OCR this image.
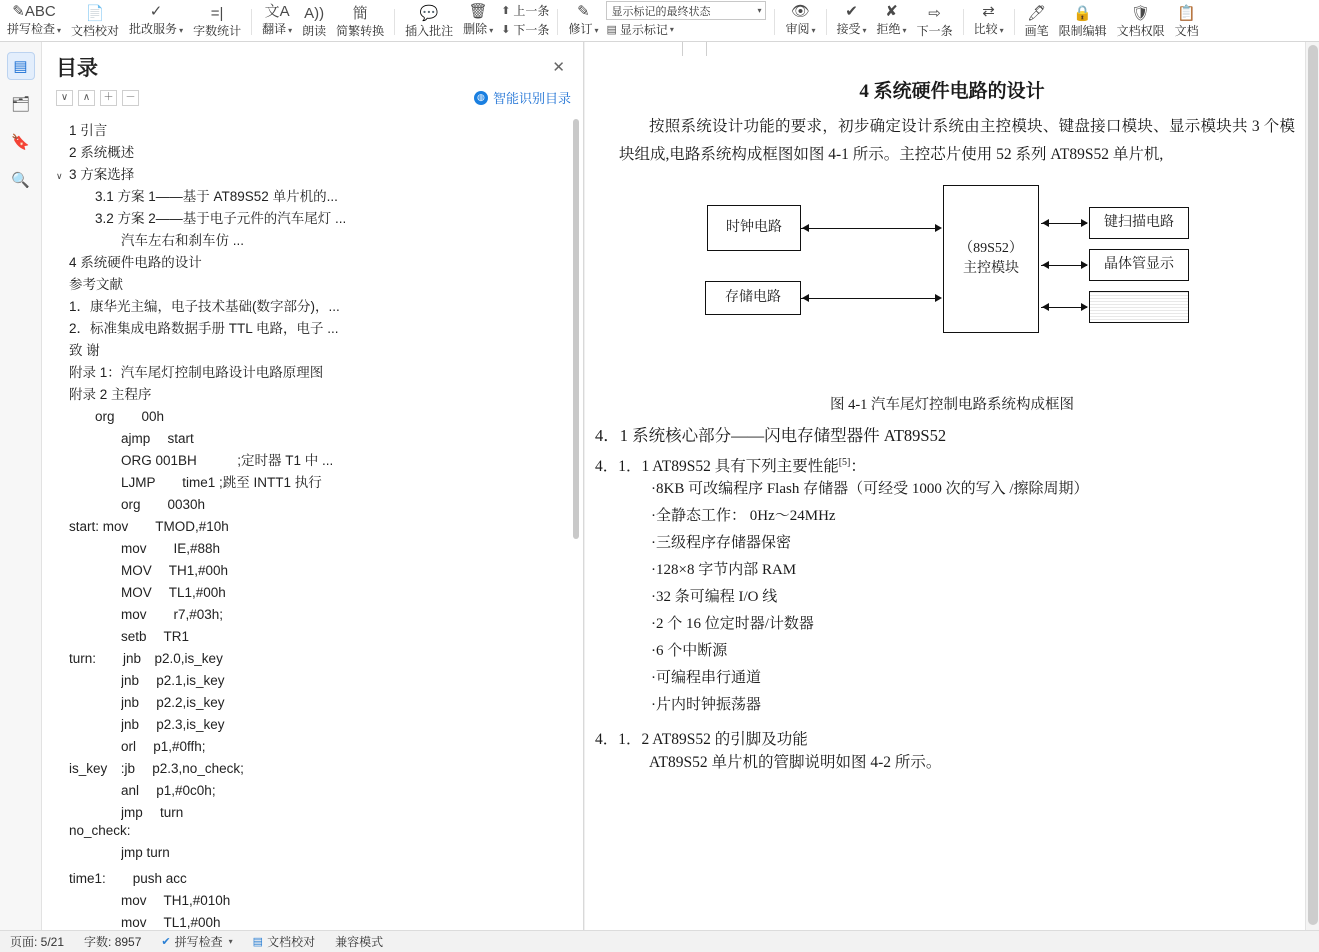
✎ABC
拼写检查 ▾
📄
文档校对
✓
批改服务 ▾
=|
字数统计
文A
翻译 ▾
A))
朗读
簡
简繁转换
💬
插入批注
🗑
删除 ▾
⬆ 上一条
⬇ 下一条
✎
修订 ▾
显示标记的最终状态	▾
▤ 显示标记 ▾
👁
审阅 ▾
✔
接受 ▾
✘
拒绝 ▾
⇨
下一条
⇄
比较 ▾
🖊
画笔
🔒
限制编辑
🛡
文档权限
📋
文档
▤
🗂
🔖
🔍
目录	✕
∨	∧	＋	－	◍ 智能识别目录
1 引言
2 系统概述
∨ 3 方案选择
3.1 方案 1——基于 AT89S52 单片机的...
3.2 方案 2——基于电子元件的汽车尾灯 ...
汽车左右和刹车仿 ...
4 系统硬件电路的设计
参考文献
1．康华光主编，电子技术基础(数字部分)，...
2．标准集成电路数据手册 TTL 电路，电子 ...
致 谢
附录 1：汽车尾灯控制电路设计电路原理图
附录 2 主程序
org　　00h
ajmp　 start
ORG 001BH　　　;定时器 T1 中 ...
LJMP　　time1 ;跳至 INTT1 执行
org　　0030h
start: mov　　TMOD,#10h
mov　　IE,#88h
MOV　 TH1,#00h
MOV　 TL1,#00h
mov　　r7,#03h;
setb　 TR1
turn:　　jnb　p2.0,is_key
jnb　 p2.1,is_key
jnb　 p2.2,is_key
jnb　 p2.3,is_key
orl　 p1,#0ffh;
is_key　:jb　 p2.3,no_check;
anl　 p1,#0c0h;
jmp　 turn
no_check:
jmp turn
time1:　　push acc
mov　 TH1,#010h
mov　 TL1,#00h
4 系统硬件电路的设计
按照系统设计功能的要求，初步确定设计系统由主控模块、键盘接口模块、显示模块共 3 个模块组成,电路系统构成框图如图 4-1 所示。主控芯片使用 52 系列 AT89S52 单片机,
（89S52）
主控模块
时钟电路
存储电路
键扫描电路
晶体管显示
图 4-1 汽车尾灯控制电路系统构成框图
4．1 系统核心部分——闪电存储型器件 AT89S52
4．1．1 AT89S52 具有下列主要性能[5]：
·8KB 可改编程序 Flash 存储器（可经受 1000 次的写入 /擦除周期）
·全静态工作： 0Hz～24MHz
·三级程序存储器保密
·128×8 字节内部 RAM
·32 条可编程 I/O 线
·2 个 16 位定时器/计数器
·6 个中断源
·可编程串行通道
·片内时钟振荡器
4．1．2 AT89S52 的引脚及功能
AT89S52 单片机的管脚说明如图 4-2 所示。
页面: 5/21	字数: 8957	✔ 拼写检查 ▾ ▤ 文档校对	兼容模式
